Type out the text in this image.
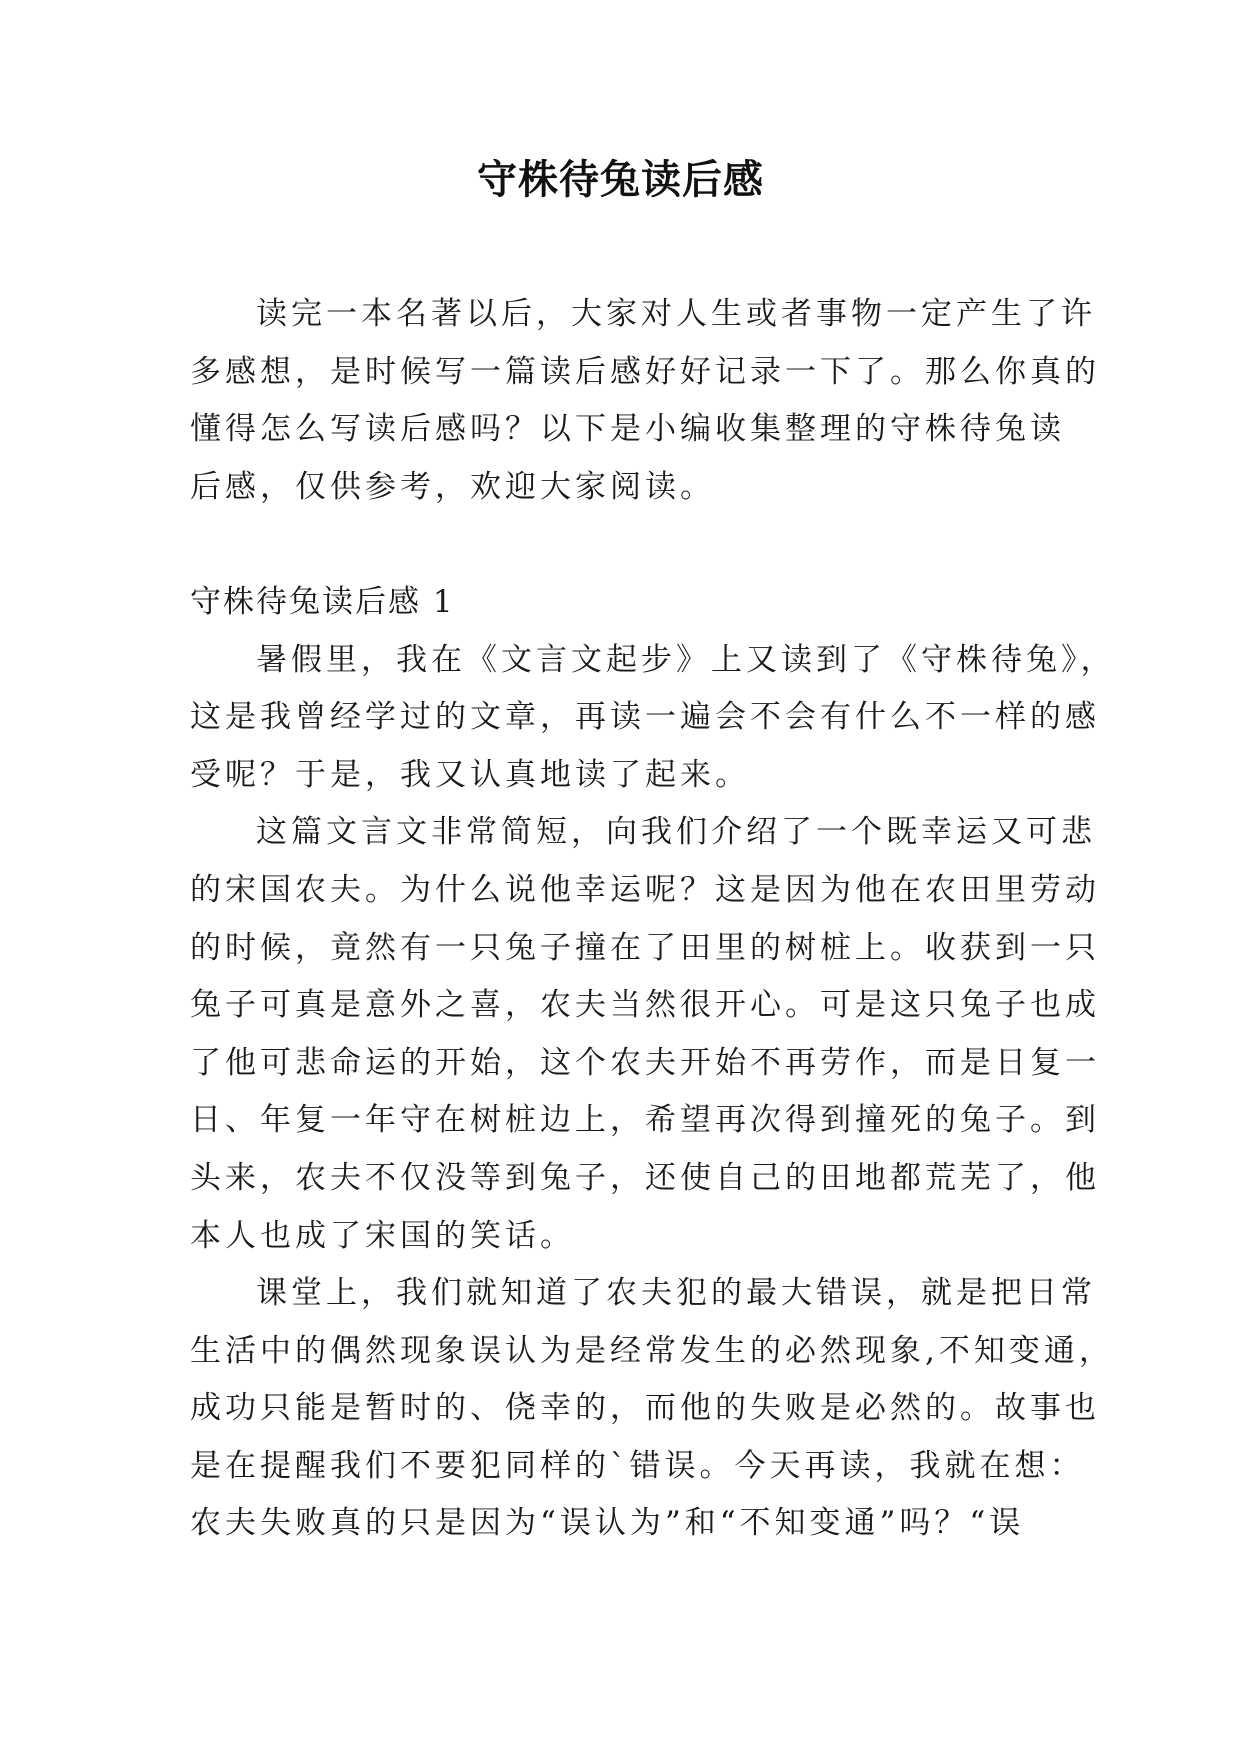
守株待兔读后感
读完一本名著以后，大家对人生或者事物一定产生了许
多感想，是时候写一篇读后感好好记录一下了。那么你真的
懂得怎么写读后感吗？以下是小编收集整理的守株待兔读
后感，仅供参考，欢迎大家阅读。
守株待兔读后感 1
暑假里，我在《文言文起步》上又读到了《守株待兔》，
这是我曾经学过的文章，再读一遍会不会有什么不一样的感
受呢？于是，我又认真地读了起来。
这篇文言文非常简短，向我们介绍了一个既幸运又可悲
的宋国农夫。为什么说他幸运呢？这是因为他在农田里劳动
的时候，竟然有一只兔子撞在了田里的树桩上。收获到一只
兔子可真是意外之喜，农夫当然很开心。可是这只兔子也成
了他可悲命运的开始，这个农夫开始不再劳作，而是日复一
日、年复一年守在树桩边上，希望再次得到撞死的兔子。到
头来，农夫不仅没等到兔子，还使自己的田地都荒芜了，他
本人也成了宋国的笑话。
课堂上，我们就知道了农夫犯的最大错误，就是把日常
生活中的偶然现象误认为是经常发生的必然现象,不知变通，
成功只能是暂时的、侥幸的，而他的失败是必然的。故事也
是在提醒我们不要犯同样的`错误。今天再读，我就在想：
农夫失败真的只是因为“误认为”和“不知变通”吗？“误
